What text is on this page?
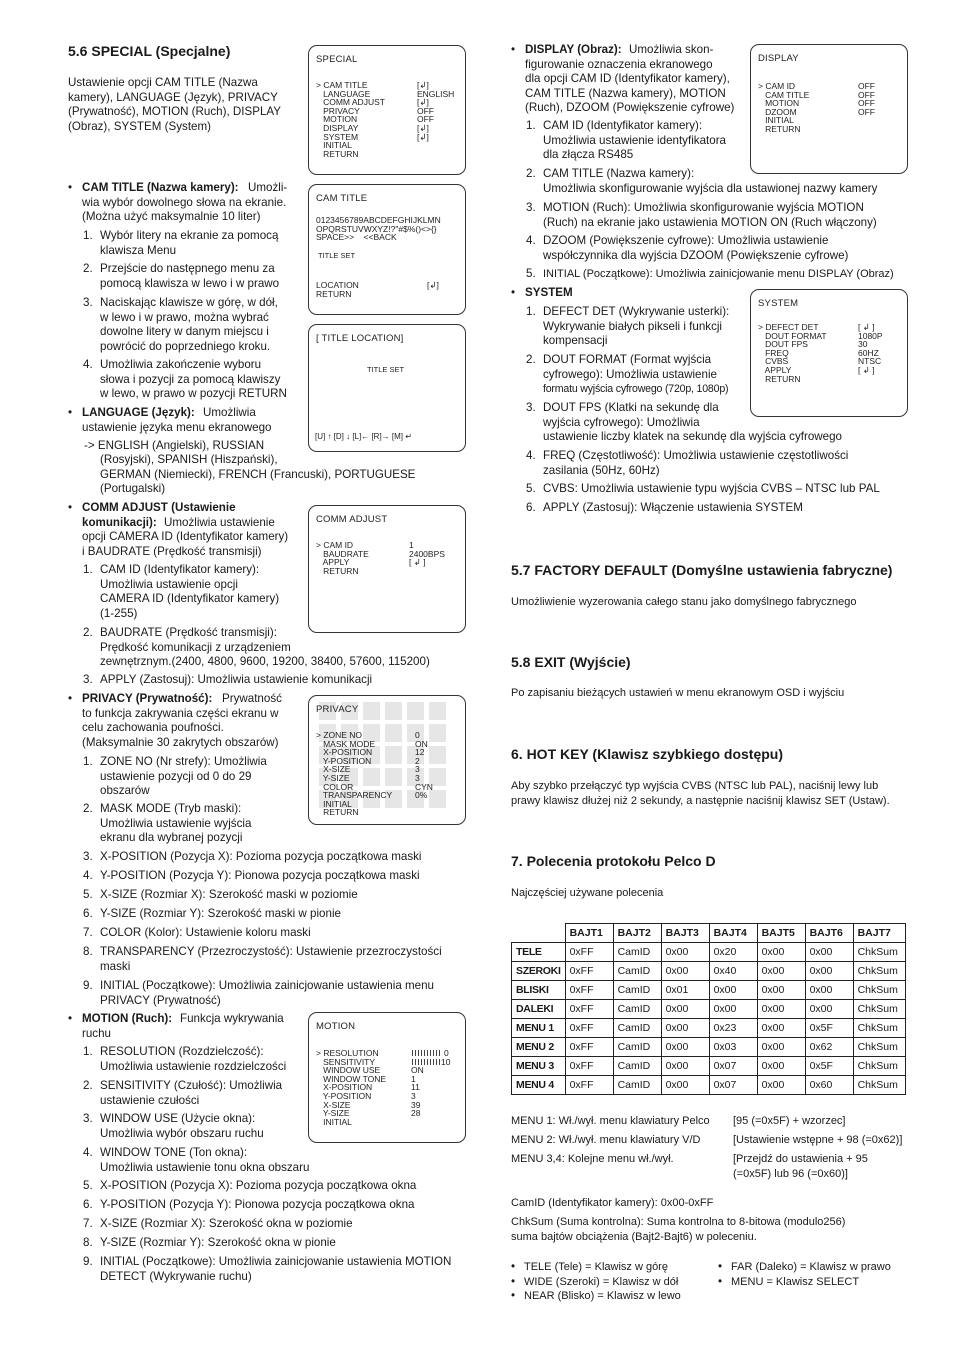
5.6 SPECIAL (Specjalne)
Ustawienie opcji CAM TITLE (Nazwa
kamery), LANGUAGE (Język), PRIVACY
(Prywatność), MOTION (Ruch), DISPLAY
(Obraz), SYSTEM (System)
• CAM TITLE (Nazwa kamery): Umożli-
wia wybór dowolnego słowa na ekranie.
(Można użyć maksymalnie 10 liter)
1. Wybór litery na ekranie za pomocą
klawisza Menu
2. Przejście do następnego menu za
pomocą klawisza w lewo i w prawo
3. Naciskając klawisze w górę, w dół,
w lewo i w prawo, można wybrać
dowolne litery w danym miejscu i
powrócić do poprzedniego kroku.
4. Umożliwia zakończenie wyboru
słowa i pozycji za pomocą klawiszy
w lewo, w prawo w pozycji RETURN
• LANGUAGE (Język): Umożliwia
ustawienie języka menu ekranowego
-> ENGLISH (Angielski), RUSSIAN
(Rosyjski), SPANISH (Hiszpański),
GERMAN (Niemiecki), FRENCH (Francuski), PORTUGUESE
(Portugalski)
• COMM ADJUST (Ustawienie
komunikacji): Umożliwia ustawienie
opcji CAMERA ID (Identyfikator kamery)
i BAUDRATE (Prędkość transmisji)
1. CAM ID (Identyfikator kamery):
Umożliwia ustawienie opcji
CAMERA ID (Identyfikator kamery)
(1-255)
2. BAUDRATE (Prędkość transmisji):
Prędkość komunikacji z urządzeniem
zewnętrznym.(2400, 4800, 9600, 19200, 38400, 57600, 115200)
3. APPLY (Zastosuj): Umożliwia ustawienie komunikacji
• PRIVACY (Prywatność): Prywatność
to funkcja zakrywania części ekranu w
celu zachowania poufności.
(Maksymalnie 30 zakrytych obszarów)
1. ZONE NO (Nr strefy): Umożliwia
ustawienie pozycji od 0 do 29
obszarów
2. MASK MODE (Tryb maski):
Umożliwia ustawienie wyjścia
ekranu dla wybranej pozycji
3. X-POSITION (Pozycja X): Pozioma pozycja początkowa maski
4. Y-POSITION (Pozycja Y): Pionowa pozycja początkowa maski
5. X-SIZE (Rozmiar X): Szerokość maski w poziomie
6. Y-SIZE (Rozmiar Y): Szerokość maski w pionie
7. COLOR (Kolor): Ustawienie koloru maski
8. TRANSPARENCY (Przezroczystość): Ustawienie przezroczystości
maski
9. INITIAL (Początkowe): Umożliwia zainicjowanie ustawienia menu
PRIVACY (Prywatność)
• MOTION (Ruch): Funkcja wykrywania
ruchu
1. RESOLUTION (Rozdzielczość):
Umożliwia ustawienie rozdzielczości
2. SENSITIVITY (Czułość): Umożliwia
ustawienie czułości
3. WINDOW USE (Użycie okna):
Umożliwia wybór obszaru ruchu
4. WINDOW TONE (Ton okna):
Umożliwia ustawienie tonu okna obszaru
5. X-POSITION (Pozycja X): Pozioma pozycja początkowa okna
6. Y-POSITION (Pozycja Y): Pionowa pozycja początkowa okna
7. X-SIZE (Rozmiar X): Szerokość okna w poziomie
8. Y-SIZE (Rozmiar Y): Szerokość okna w pionie
9. INITIAL (Początkowe): Umożliwia zainicjowanie ustawienia MOTION
DETECT (Wykrywanie ruchu)
• DISPLAY (Obraz): Umożliwia skon-
figurowanie oznaczenia ekranowego
dla opcji CAM ID (Identyfikator kamery),
CAM TITLE (Nazwa kamery), MOTION
(Ruch), DZOOM (Powiększenie cyfrowe)
1. CAM ID (Identyfikator kamery):
Umożliwia ustawienie identyfikatora
dla złącza RS485
2. CAM TITLE (Nazwa kamery):
Umożliwia skonfigurowanie wyjścia dla ustawionej nazwy kamery
3. MOTION (Ruch): Umożliwia skonfigurowanie wyjścia MOTION
(Ruch) na ekranie jako ustawienia MOTION ON (Ruch włączony)
4. DZOOM (Powiększenie cyfrowe): Umożliwia ustawienie
współczynnika dla wyjścia DZOOM (Powiększenie cyfrowe)
5. INITIAL (Początkowe): Umożliwia zainicjowanie menu DISPLAY (Obraz)
• SYSTEM
1. DEFECT DET (Wykrywanie usterki):
Wykrywanie białych pikseli i funkcji
kompensacji
2. DOUT FORMAT (Format wyjścia
cyfrowego): Umożliwia ustawienie
formatu wyjścia cyfrowego (720p, 1080p)
3. DOUT FPS (Klatki na sekundę dla
wyjścia cyfrowego): Umożliwia
ustawienie liczby klatek na sekundę dla wyjścia cyfrowego
4. FREQ (Częstotliwość): Umożliwia ustawienie częstotliwości
zasilania (50Hz, 60Hz)
5. CVBS: Umożliwia ustawienie typu wyjścia CVBS – NTSC lub PAL
6. APPLY (Zastosuj): Włączenie ustawienia SYSTEM
5.7 FACTORY DEFAULT (Domyślne ustawienia fabryczne)
Umożliwienie wyzerowania całego stanu jako domyślnego fabrycznego
5.8 EXIT (Wyjście)
Po zapisaniu bieżących ustawień w menu ekranowym OSD i wyjściu
6. HOT KEY (Klawisz szybkiego dostępu)
Aby szybko przełączyć typ wyjścia CVBS (NTSC lub PAL), naciśnij lewy lub
prawy klawisz dłużej niż 2 sekundy, a następnie naciśnij klawisz SET (Ustaw).
7. Polecenia protokołu Pelco D
Najczęściej używane polecenia
	BAJT1	BAJT2	BAJT3	BAJT4	BAJT5	BAJT6	BAJT7
TELE	0xFF	CamID	0x00	0x20	0x00	0x00	ChkSum
SZEROKI	0xFF	CamID	0x00	0x40	0x00	0x00	ChkSum
BLISKI	0xFF	CamID	0x01	0x00	0x00	0x00	ChkSum
DALEKI	0xFF	CamID	0x00	0x00	0x00	0x00	ChkSum
MENU 1	0xFF	CamID	0x00	0x23	0x00	0x5F	ChkSum
MENU 2	0xFF	CamID	0x00	0x03	0x00	0x62	ChkSum
MENU 3	0xFF	CamID	0x00	0x07	0x00	0x5F	ChkSum
MENU 4	0xFF	CamID	0x00	0x07	0x00	0x60	ChkSum
MENU 1: Wł./wył. menu klawiatury Pelco [95 (=0x5F) + wzorzec]
MENU 2: Wł./wył. menu klawiatury V/D	[Ustawienie wstępne + 98 (=0x62)]
MENU 3,4: Kolejne menu wł./wył.	[Przejdź do ustawienia + 95
(=0x5F) lub 96 (=0x60)]
CamID (Identyfikator kamery): 0x00-0xFF
ChkSum (Suma kontrolna): Suma kontrolna to 8-bitowa (modulo256)
suma bajtów obciążenia (Bajt2-Bajt6) w poleceniu.
• TELE (Tele) = Klawisz w górę
• WIDE (Szeroki) = Klawisz w dół
• NEAR (Blisko) = Klawisz w lewo
• FAR (Daleko) = Klawisz w prawo
• MENU = Klawisz SELECT
SPECIAL
> CAM TITLE	[↲]
LANGUAGE	ENGLISH
COMM ADJUST	[↲]
PRIVACY	OFF
MOTION	OFF
DISPLAY	[↲]
SYSTEM	[↲]
INITIAL
RETURN
CAM TITLE
0123456789ABCDEFGHIJKLMN
OPQRSTUVWXYZ!?"#$%()<>{}
SPACE>>    <<BACK
TITLE SET
LOCATION	[↲]
RETURN
[ TITLE LOCATION]
TITLE SET
[U] ↑ [D] ↓ [L]← [R]→ [M] ↵
COMM ADJUST
> CAM ID	1
BAUDRATE	2400BPS
APPLY	[ ↲ ]
RETURN
PRIVACY
> ZONE NO	0
MASK MODE	ON
X-POSITION	12
Y-POSITION	2
X-SIZE	3
Y-SIZE	3
COLOR	CYN
TRANSPARENCY	0%
INITIAL
RETURN
MOTION
> RESOLUTION	0
SENSITIVITY	10
WINDOW USE	ON
WINDOW TONE	1
X-POSITION	11
Y-POSITION	3
X-SIZE	39
Y-SIZE	28
INITIAL
DISPLAY
> CAM ID	OFF
CAM TITLE	OFF
MOTION	OFF
DZOOM	OFF
INITIAL
RETURN
SYSTEM
> DEFECT DET	[ ↲ ]
DOUT FORMAT	1080P
DOUT FPS	30
FREQ	60HZ
CVBS	NTSC
APPLY	[ ↲ ]
RETURN
